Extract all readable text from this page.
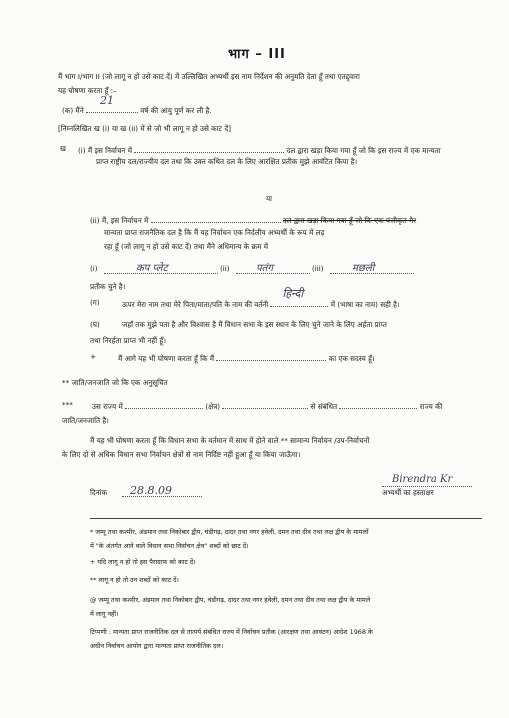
भाग – III
मैं भाग I/भाग II (जो लागू न हो उसे काट दें) में उल्लिखित अभ्यर्थी इस नाम निर्देशन की अनुमति देता हूँ तथा एतद्द्वारा
यह घोषणा करता हूँ :–
(क) मैंने
21
वर्ष की आयु पूर्ण कर ली है.
[निम्नलिखित ख (i) या ख (ii) में से जो भी लागू न हो उसे काट दें]
ख (i) मैं इस निर्वाचन में	दल द्वारा खड़ा किया गया हूँ जो कि इस राज्य में एक मान्यता
प्राप्त राष्ट्रीय दल/राज्यीय दल तथा कि उक्त कथित दल के लिए आरक्षित प्रतीक मुझे आवंटित किया है।
या
(ii) मैं, इस निर्वाचन में	दल द्वारा खड़ा किया गया हूँ जो कि एक पंजीकृत गैर
मान्यता प्राप्त राजनैतिक दल है कि मैं यह निर्वाचन एक निर्दलीय अभ्यर्थी के रूप में लड़
रहा हूँ (जो लागू न हो उसे काट दें) तथा मैंने अधिमान्य के क्रम में
(i)	कप प्लेट	(ii)	पतंग	(iii)	मछली
प्रतीक चुने है।
(ग)	ऊपर मेरा नाम तथा मेरे पिता/माता/पति के नाम की वर्तनी
हिन्दी
में (भाषा का नाम) सही है।
(घ)	जहाँ तक मुझे पता है और विश्वास है मैं विधान सभा के इस स्थान के लिए चुने जाने के लिए अर्हता प्राप्त
तथा निरर्हता प्राप्त भी नहीं हूँ।
+	मैं आगे यह भी घोषणा करता हूँ कि मैं	का एक सदस्य हूँ।
** जाति/जनजाति जो कि एक अनुसूचित
***	उस राज्य में	(क्षेत्र)	से संबंधित	राज्य की
जाति/जनजाति है।
मैं यह भी घोषणा करता हूँ कि विधान सभा के वर्तमान में साथ में होने वाले ** सामान्य निर्वाचन /उप-निर्वाचनों
के लिए दो से अधिक विधान सभा निर्वाचन क्षेत्रों से नाम निर्दिष्ट नहीं हुआ हूँ या किया जाऊँगा।
दिनांक 28.8.09
Birendra Kr
अभ्यर्थी का हस्ताक्षर
* जम्मू तथा कश्मीर, अंडमान तथा निकोबार द्वीप, चंडीगढ़, दादर तथा नगर हवेली, दमन तथा दीव तथा लक्ष द्वीप के मामलों
में "के अंतर्गत आने वाले विधान सभा निर्वाचन क्षेत्र" शब्दों को छाट दें।
+ यदि लागू न हो तो इस पैराग्राफ को काट दें।
** लागू न हो तो उन शब्दों को काट दें।
@ जम्मू तथा कश्मीर, अंडमान तथा निकोबार द्वीप, चंडीगढ़, दादर तथा नगर हवेली, दमन तथा दीव तथा लक्ष द्वीप के मामले
में लागू नहीं।
टिप्पणी : मान्यता प्राप्त राजनीतिक दल से तात्पर्य संबंधित राज्य में निर्वाचन प्रतीक (आरक्षण तथा आवंटन) आदेश 1968 के
अधीन निर्वाचन आयोग द्वारा मान्यता प्राप्त राजनीतिक दल।
